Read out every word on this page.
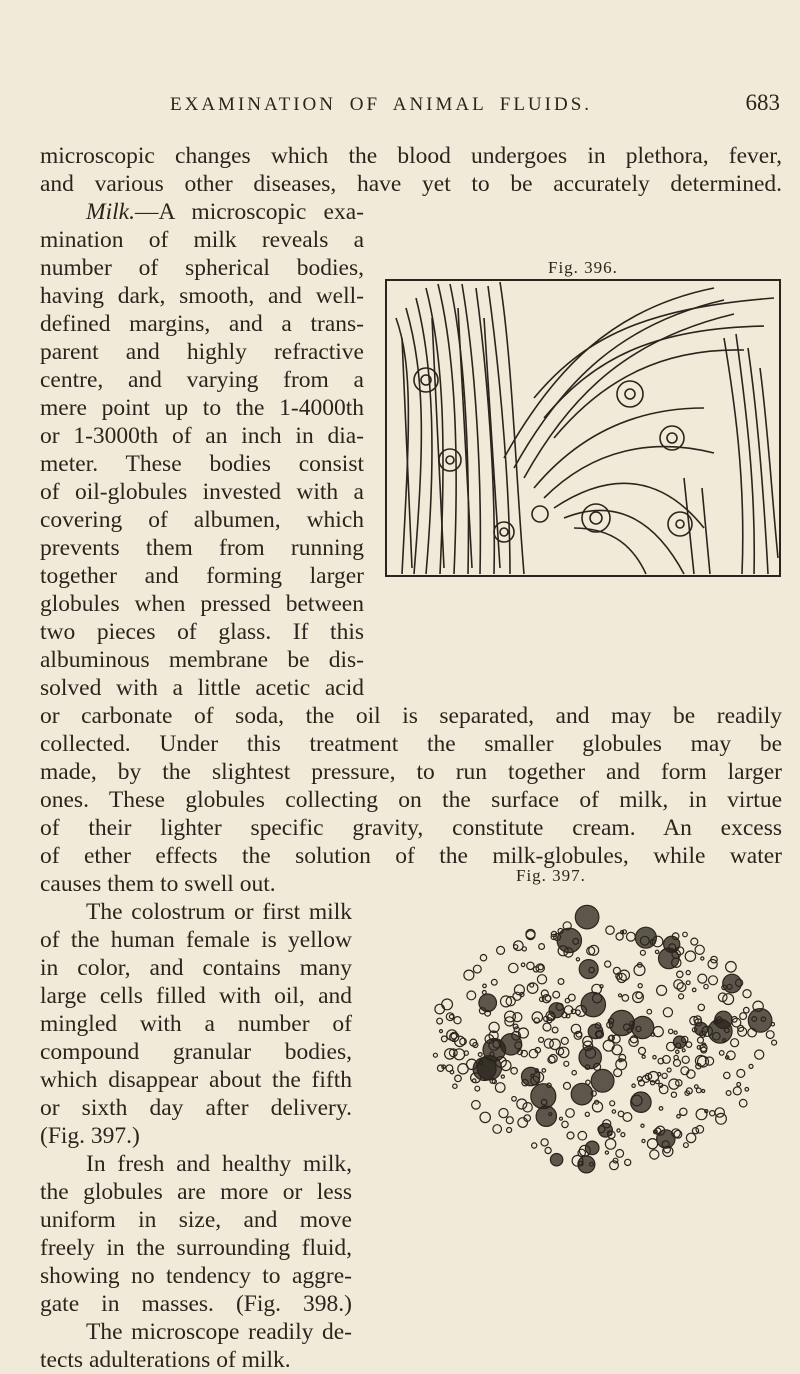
EXAMINATION OF ANIMAL FLUIDS.	683
microscopic changes which the blood undergoes in plethora, fever,
and various other diseases, have yet to be accurately determined.
Milk.—A microscopic exa-
mination of milk reveals a
number of spherical bodies,
having dark, smooth, and well-
defined margins, and a trans-
parent and highly refractive
centre, and varying from a
mere point up to the 1-4000th
or 1-3000th of an inch in dia-
meter. These bodies consist
of oil-globules invested with a
covering of albumen, which
prevents them from running
together and forming larger
globules when pressed between
two pieces of glass. If this
albuminous membrane be dis-
solved with a little acetic acid
Fig. 396.
or carbonate of soda, the oil is separated, and may be readily
collected. Under this treatment the smaller globules may be
made, by the slightest pressure, to run together and form larger
ones. These globules collecting on the surface of milk, in virtue
of their lighter specific gravity, constitute cream. An excess
of ether effects the solution of the milk-globules, while water
causes them to swell out.
The colostrum or first milk
of the human female is yellow
in color, and contains many
large cells filled with oil, and
mingled with a number of
compound granular bodies,
which disappear about the fifth
or sixth day after delivery.
(Fig. 397.)
In fresh and healthy milk,
the globules are more or less
uniform in size, and move
freely in the surrounding fluid,
showing no tendency to aggre-
gate in masses. (Fig. 398.)
The microscope readily de-
tects adulterations of milk.
Fig. 397.
